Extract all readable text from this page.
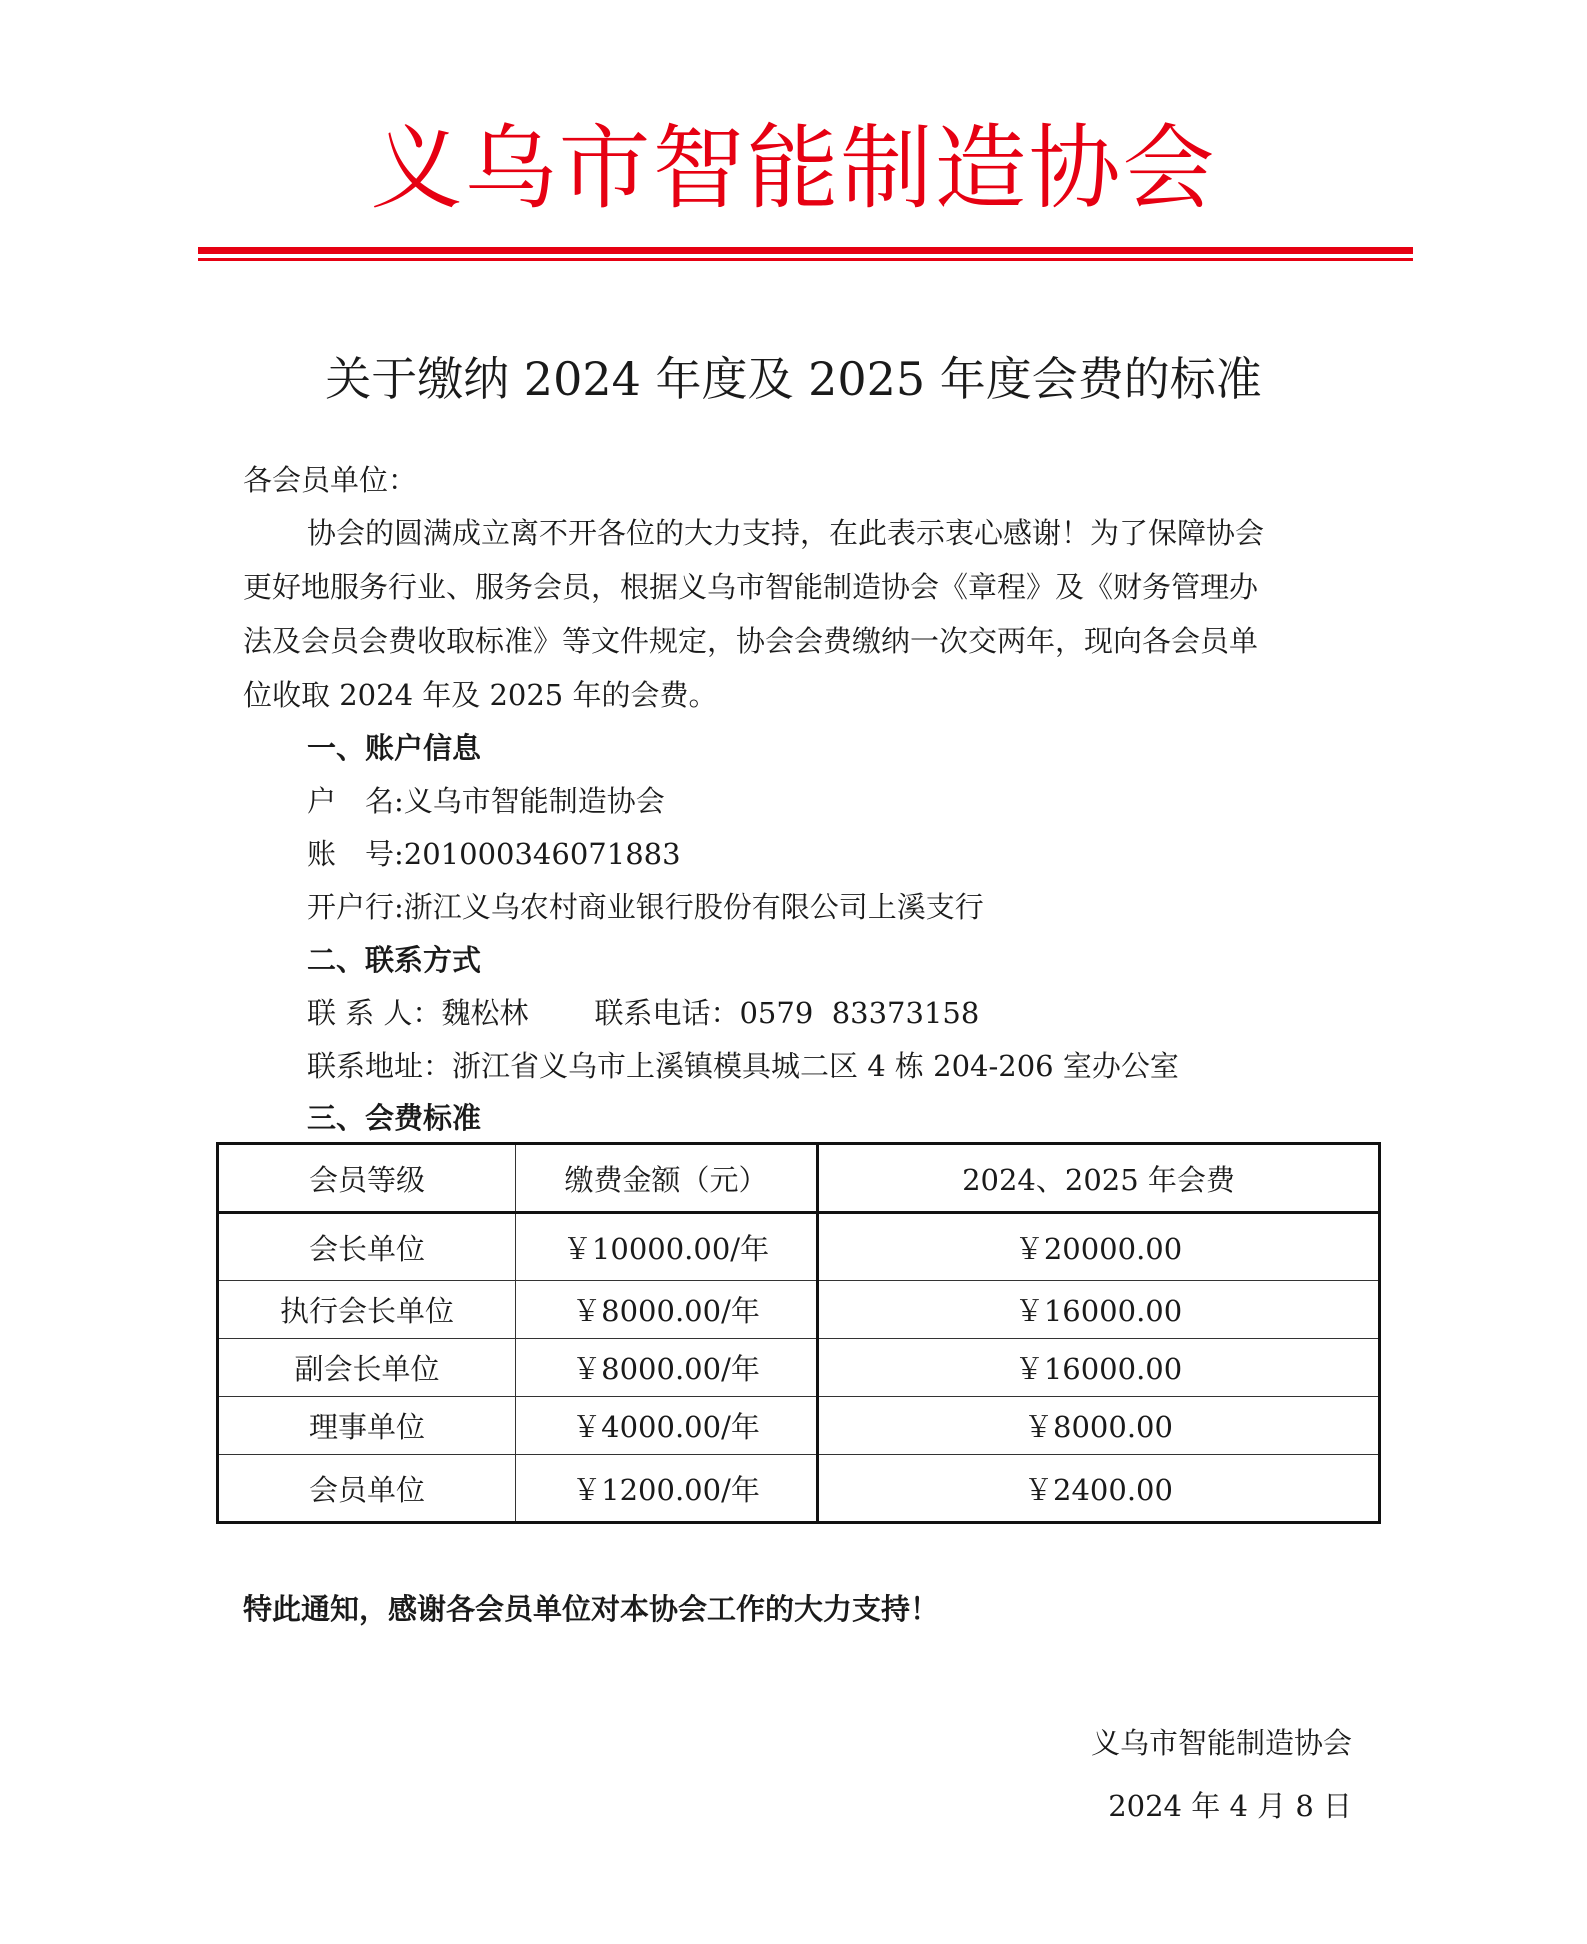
义乌市智能制造协会
关于缴纳 2024 年度及 2025 年度会费的标准
各会员单位：
协会的圆满成立离不开各位的大力支持，在此表示衷心感谢！为了保障协会
更好地服务行业、服务会员，根据义乌市智能制造协会《章程》及《财务管理办
法及会员会费收取标准》等文件规定，协会会费缴纳一次交两年，现向各会员单
位收取 2024 年及 2025 年的会费。
一、账户信息
户　名:义乌市智能制造协会
账　号:201000346071883
开户行:浙江义乌农村商业银行股份有限公司上溪支行
二、联系方式
联 系 人：魏松林 联系电话：0579  83373158
联系地址：浙江省义乌市上溪镇模具城二区 4 栋 204-206 室办公室
三、会费标准
会员等级	缴费金额（元）	2024、2025 年会费
会长单位	￥10000.00/年	￥20000.00
执行会长单位	￥8000.00/年	￥16000.00
副会长单位	￥8000.00/年	￥16000.00
理事单位	￥4000.00/年	￥8000.00
会员单位	￥1200.00/年	￥2400.00
特此通知，感谢各会员单位对本协会工作的大力支持！
义乌市智能制造协会
2024 年 4 月 8 日
